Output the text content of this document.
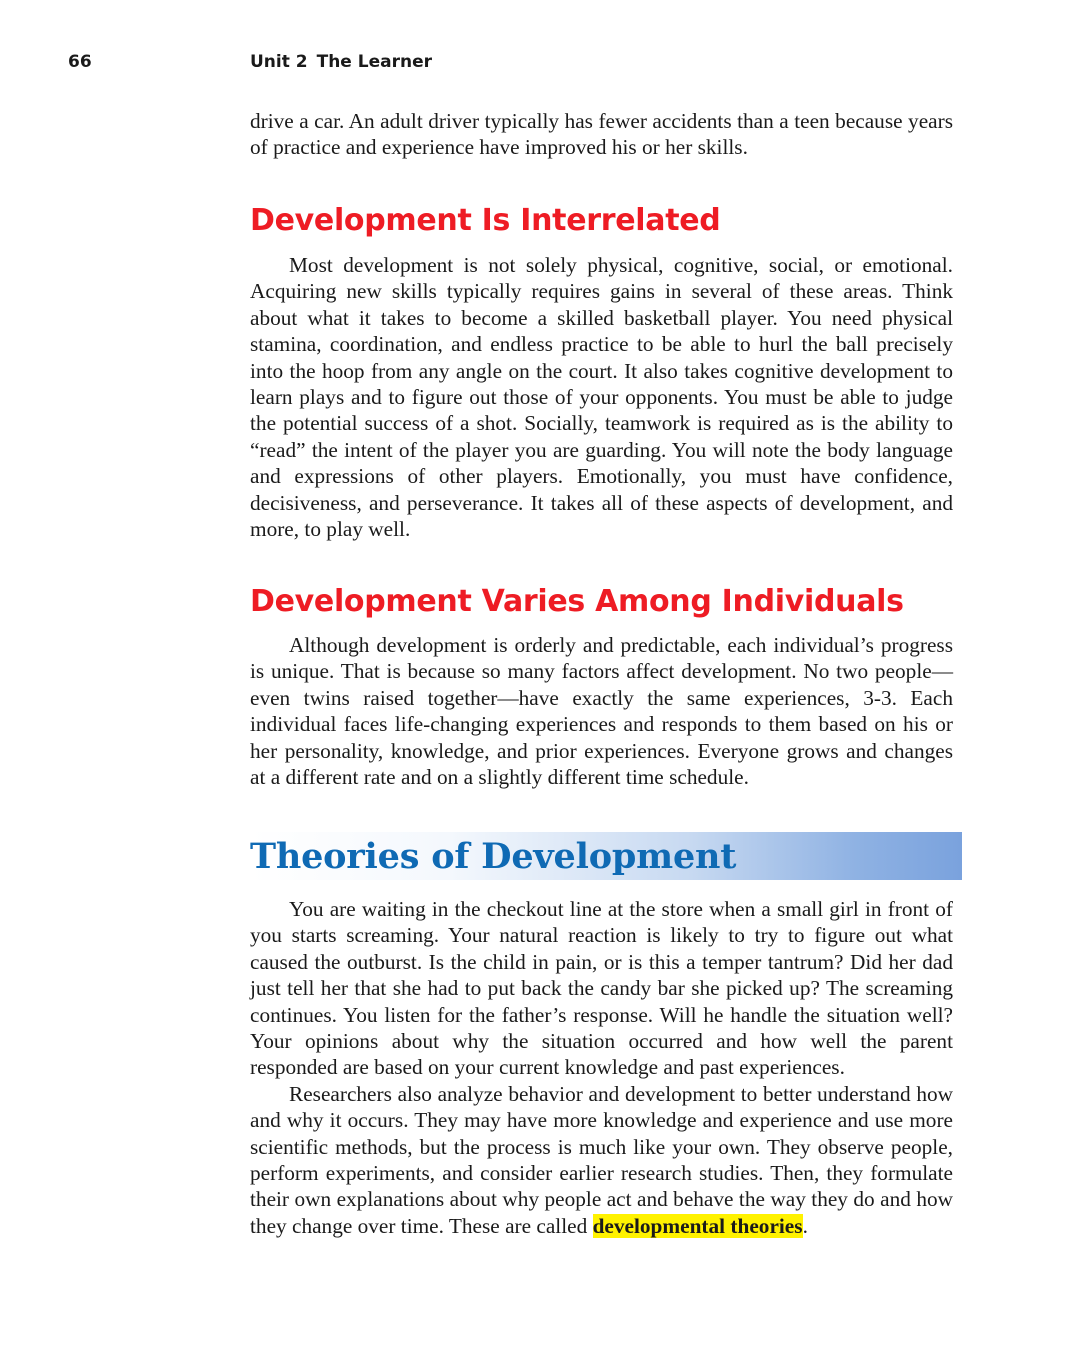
66	Unit 2 The Learner

drive a car. An adult driver typically has fewer accidents than a teen because years of practice and experience have improved his or her skills.

Development Is Interrelated

Most development is not solely physical, cognitive, social, or emotional. Acquiring new skills typically requires gains in several of these areas. Think about what it takes to become a skilled basketball player. You need physical stamina, coordination, and endless practice to be able to hurl the ball precisely into the hoop from any angle on the court. It also takes cognitive development to learn plays and to figure out those of your opponents. You must be able to judge the potential success of a shot. Socially, teamwork is required as is the ability to “read” the intent of the player you are guarding. You will note the body language and expressions of other players. Emotionally, you must have confidence, decisiveness, and perseverance. It takes all of these aspects of development, and more, to play well.

Development Varies Among Individuals

Although development is orderly and predictable, each individual’s progress is unique. That is because so many factors affect development. No two people—even twins raised together—have exactly the same experiences, 3-3. Each individual faces life-changing experiences and responds to them based on his or her personality, knowledge, and prior experiences. Everyone grows and changes at a different rate and on a slightly different time schedule.

Theories of Development

You are waiting in the checkout line at the store when a small girl in front of you starts screaming. Your natural reaction is likely to try to figure out what caused the outburst. Is the child in pain, or is this a temper tantrum? Did her dad just tell her that she had to put back the candy bar she picked up? The screaming continues. You listen for the father’s response. Will he handle the situation well? Your opinions about why the situation occurred and how well the parent responded are based on your current knowledge and past experiences.

Researchers also analyze behavior and development to better understand how and why it occurs. They may have more knowledge and experience and use more scientific methods, but the process is much like your own. They observe people, perform experiments, and consider earlier research studies. Then, they formulate their own explanations about why people act and behave the way they do and how they change over time. These are called developmental theories.
